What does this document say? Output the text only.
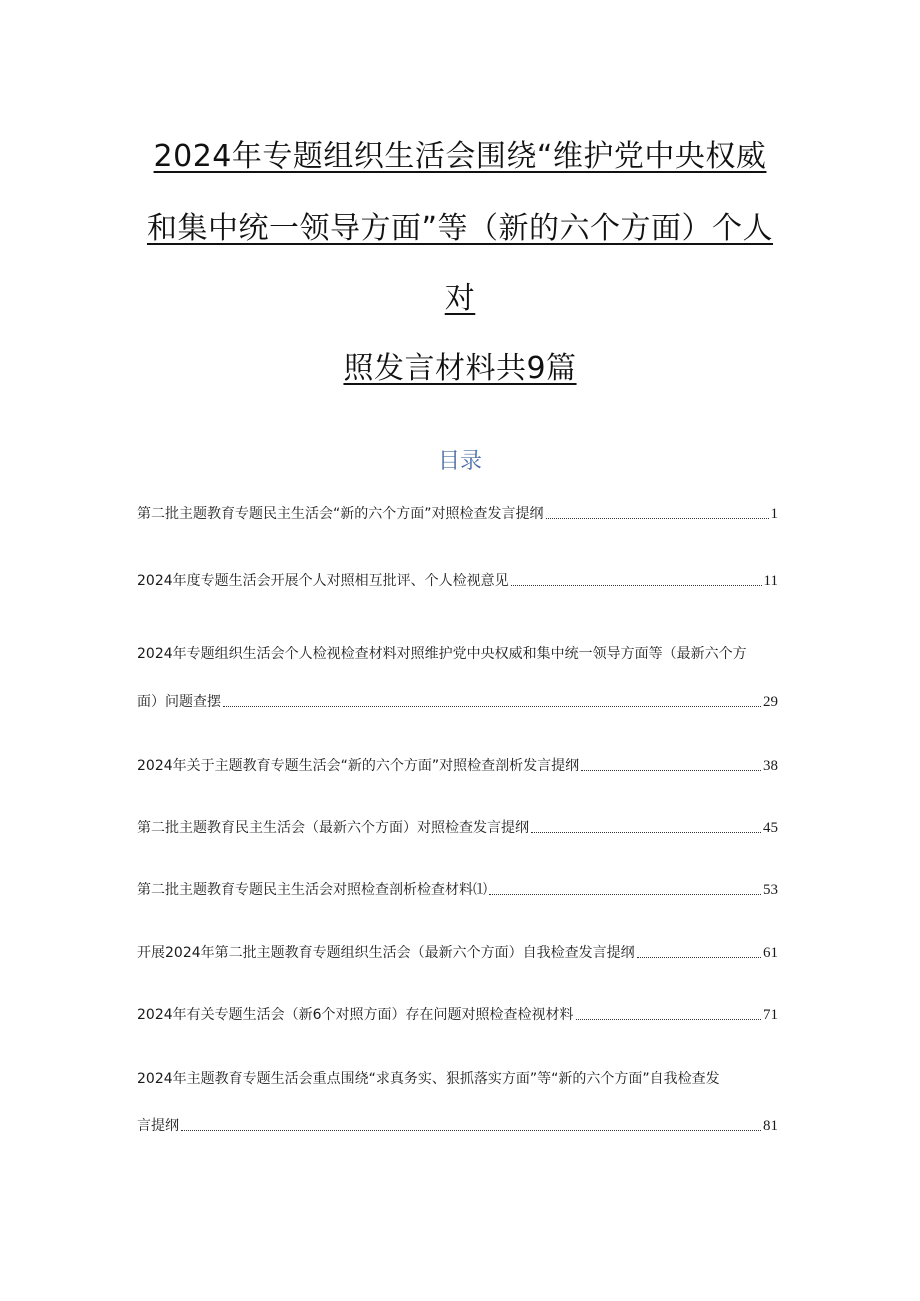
2024年专题组织生活会围绕“维护党中央权威
和集中统一领导方面”等（新的六个方面）个人
对
照发言材料共9篇
目录
第二批主题教育专题民主生活会“新的六个方面”对照检查发言提纲	1
2024年度专题生活会开展个人对照相互批评、个人检视意见	11
2024年专题组织生活会个人检视检查材料对照维护党中央权威和集中统一领导方面等（最新六个方
面）问题查摆	29
2024年关于主题教育专题生活会“新的六个方面”对照检查剖析发言提纲	38
第二批主题教育民主生活会（最新六个方面）对照检查发言提纲	45
第二批主题教育专题民主生活会对照检查剖析检查材料⑴	53
开展2024年第二批主题教育专题组织生活会（最新六个方面）自我检查发言提纲	61
2024年有关专题生活会（新6个对照方面）存在问题对照检查检视材料	71
2024年主题教育专题生活会重点围绕“求真务实、狠抓落实方面”等“新的六个方面”自我检查发
言提纲	81
